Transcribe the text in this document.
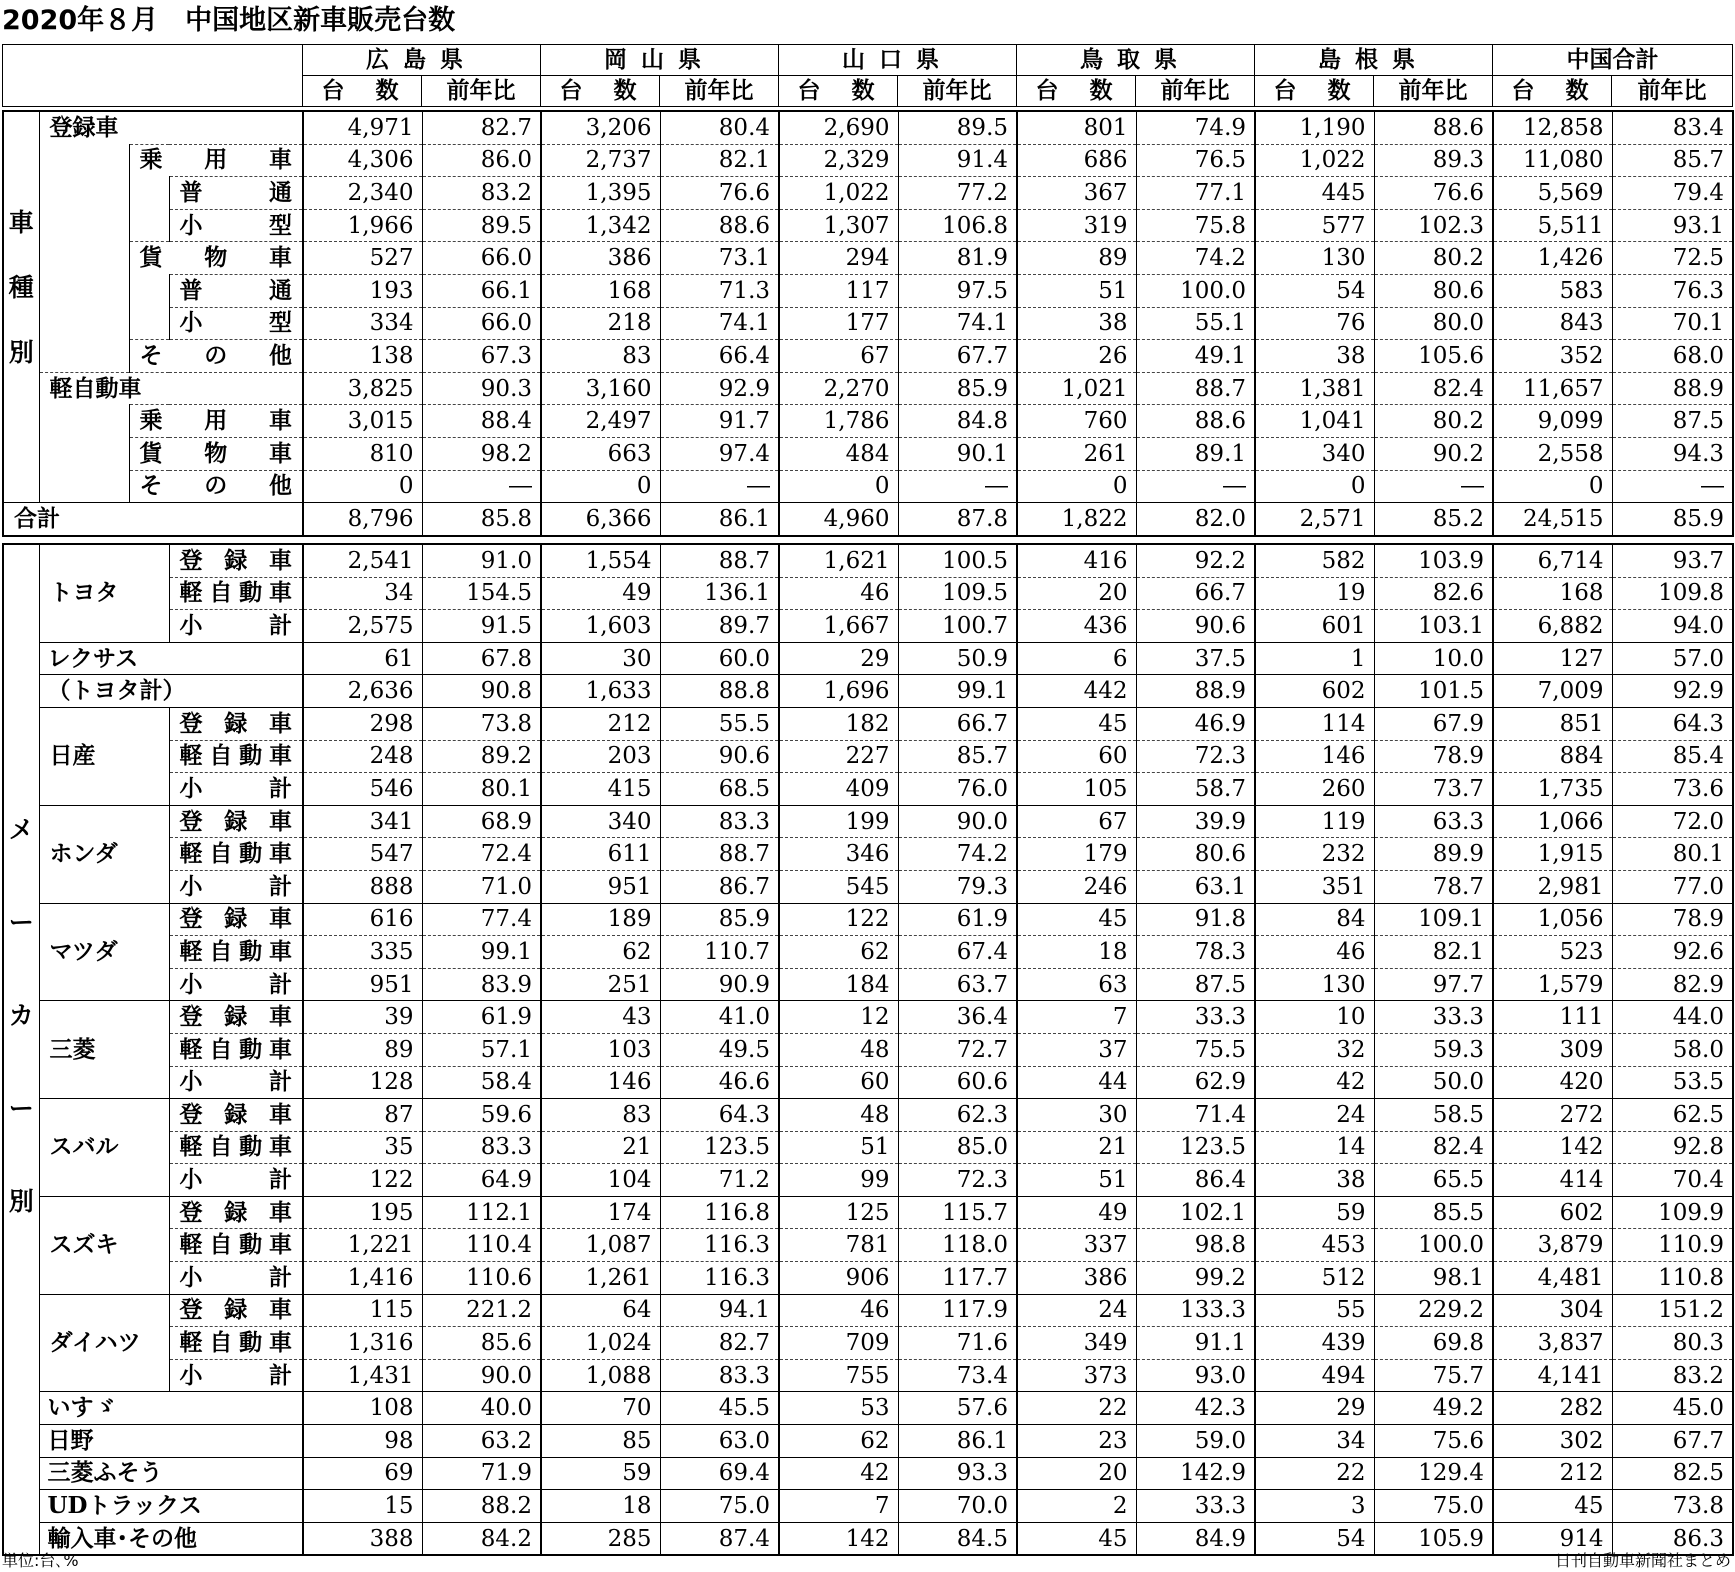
2020年８月　中国地区新車販売台数
	広島県		岡山県		山口県		鳥取県		島根県		中国合計	
	台　数	前年比	台　数	前年比	台　数	前年比	台　数	前年比	台　数	前年比	台　数	前年比
車
種
別	登録車			4,971	82.7	3,206	80.4	2,690	89.5	801	74.9	1,190	88.6	12,858	83.4
		乗用車		4,306	86.0	2,737	82.1	2,329	91.4	686	76.5	1,022	89.3	11,080	85.7
			普通	2,340	83.2	1,395	76.6	1,022	77.2	367	77.1	445	76.6	5,569	79.4
			小型	1,966	89.5	1,342	88.6	1,307	106.8	319	75.8	577	102.3	5,511	93.1
		貨物車		527	66.0	386	73.1	294	81.9	89	74.2	130	80.2	1,426	72.5
			普通	193	66.1	168	71.3	117	97.5	51	100.0	54	80.6	583	76.3
			小型	334	66.0	218	74.1	177	74.1	38	55.1	76	80.0	843	70.1
		その他		138	67.3	83	66.4	67	67.7	26	49.1	38	105.6	352	68.0
	軽自動車			3,825	90.3	3,160	92.9	2,270	85.9	1,021	88.7	1,381	82.4	11,657	88.9
		乗用車		3,015	88.4	2,497	91.7	1,786	84.8	760	88.6	1,041	80.2	9,099	87.5
		貨物車		810	98.2	663	97.4	484	90.1	261	89.1	340	90.2	2,558	94.3
		その他		0	―	0	―	0	―	0	―	0	―	0	―
合計				8,796	85.8	6,366	86.1	4,960	87.8	1,822	82.0	2,571	85.2	24,515	85.9
メ
ー
カ
ー
別	トヨタ	登録車	2,541	91.0	1,554	88.7	1,621	100.5	416	92.2	582	103.9	6,714	93.7
		軽自動車	34	154.5	49	136.1	46	109.5	20	66.7	19	82.6	168	109.8
		小計	2,575	91.5	1,603	89.7	1,667	100.7	436	90.6	601	103.1	6,882	94.0
	レクサス		61	67.8	30	60.0	29	50.9	6	37.5	1	10.0	127	57.0
	（トヨタ計）		2,636	90.8	1,633	88.8	1,696	99.1	442	88.9	602	101.5	7,009	92.9
	日産	登録車	298	73.8	212	55.5	182	66.7	45	46.9	114	67.9	851	64.3
		軽自動車	248	89.2	203	90.6	227	85.7	60	72.3	146	78.9	884	85.4
		小計	546	80.1	415	68.5	409	76.0	105	58.7	260	73.7	1,735	73.6
	ホンダ	登録車	341	68.9	340	83.3	199	90.0	67	39.9	119	63.3	1,066	72.0
		軽自動車	547	72.4	611	88.7	346	74.2	179	80.6	232	89.9	1,915	80.1
		小計	888	71.0	951	86.7	545	79.3	246	63.1	351	78.7	2,981	77.0
	マツダ	登録車	616	77.4	189	85.9	122	61.9	45	91.8	84	109.1	1,056	78.9
		軽自動車	335	99.1	62	110.7	62	67.4	18	78.3	46	82.1	523	92.6
		小計	951	83.9	251	90.9	184	63.7	63	87.5	130	97.7	1,579	82.9
	三菱	登録車	39	61.9	43	41.0	12	36.4	7	33.3	10	33.3	111	44.0
		軽自動車	89	57.1	103	49.5	48	72.7	37	75.5	32	59.3	309	58.0
		小計	128	58.4	146	46.6	60	60.6	44	62.9	42	50.0	420	53.5
	スバル	登録車	87	59.6	83	64.3	48	62.3	30	71.4	24	58.5	272	62.5
		軽自動車	35	83.3	21	123.5	51	85.0	21	123.5	14	82.4	142	92.8
		小計	122	64.9	104	71.2	99	72.3	51	86.4	38	65.5	414	70.4
	スズキ	登録車	195	112.1	174	116.8	125	115.7	49	102.1	59	85.5	602	109.9
		軽自動車	1,221	110.4	1,087	116.3	781	118.0	337	98.8	453	100.0	3,879	110.9
		小計	1,416	110.6	1,261	116.3	906	117.7	386	99.2	512	98.1	4,481	110.8
	ダイハツ	登録車	115	221.2	64	94.1	46	117.9	24	133.3	55	229.2	304	151.2
		軽自動車	1,316	85.6	1,024	82.7	709	71.6	349	91.1	439	69.8	3,837	80.3
		小計	1,431	90.0	1,088	83.3	755	73.4	373	93.0	494	75.7	4,141	83.2
	いすゞ		108	40.0	70	45.5	53	57.6	22	42.3	29	49.2	282	45.0
	日野		98	63.2	85	63.0	62	86.1	23	59.0	34	75.6	302	67.7
	三菱ふそう		69	71.9	59	69.4	42	93.3	20	142.9	22	129.4	212	82.5
	UDトラックス		15	88.2	18	75.0	7	70.0	2	33.3	3	75.0	45	73.8
	輸入車･その他		388	84.2	285	87.4	142	84.5	45	84.9	54	105.9	914	86.3
単位:台､%	日刊自動車新聞社まとめ
